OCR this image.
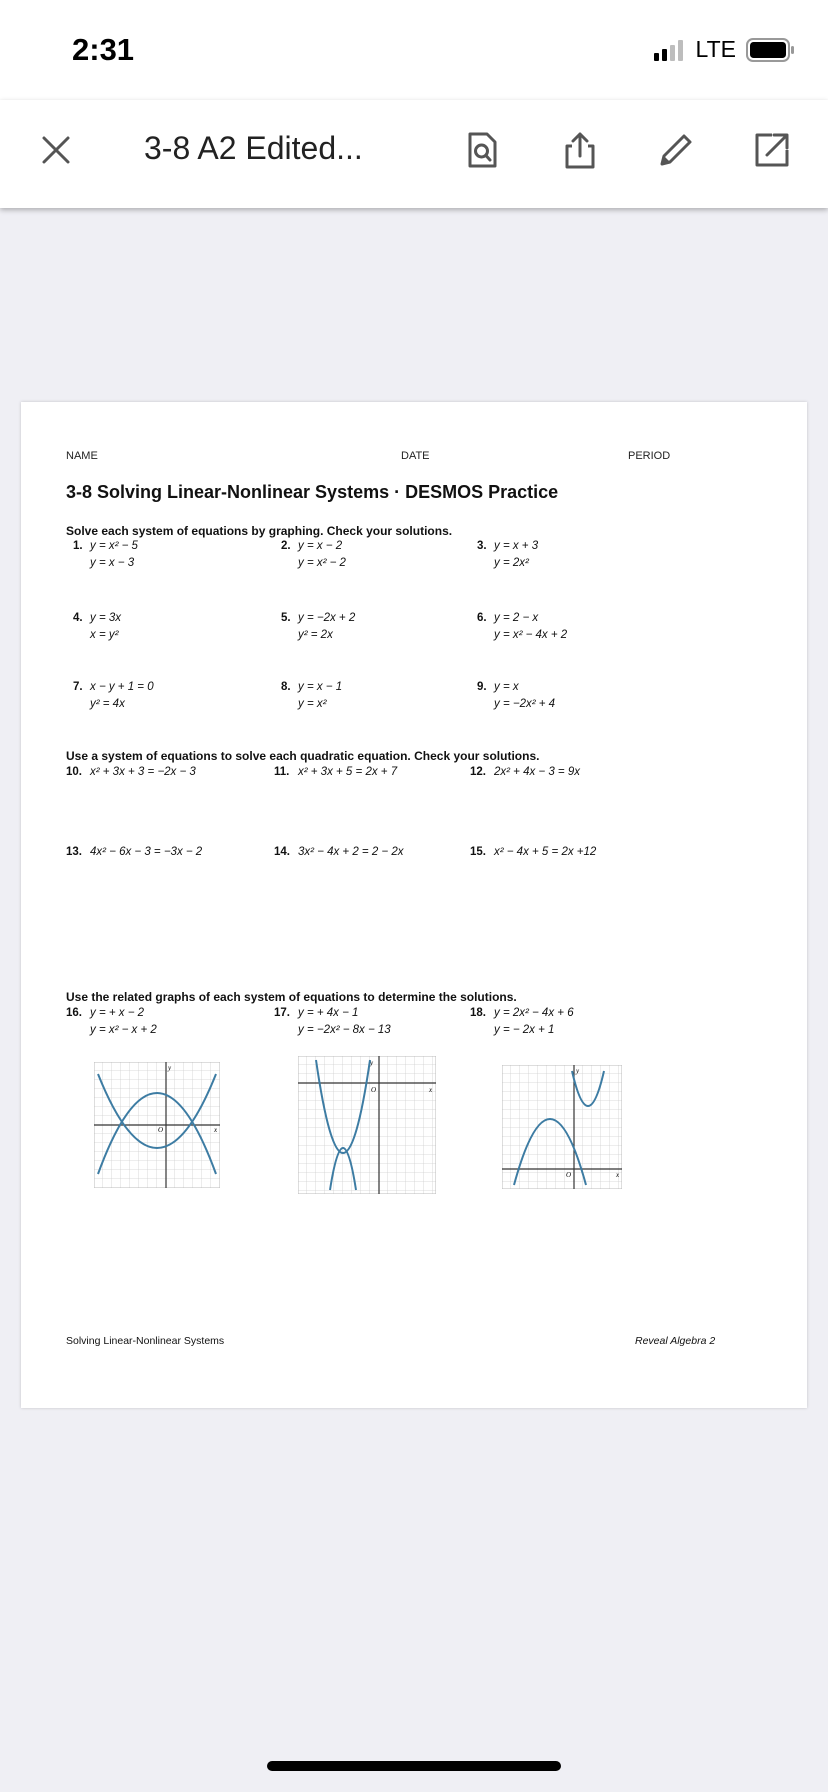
2:31	LTE
3-8 A2 Edited...
NAME	DATE	PERIOD
3-8 Solving Linear-Nonlinear Systems · DESMOS Practice
Solve each system of equations by graphing. Check your solutions.
1. y = x² − 5
y = x − 3
2. y = x − 2
y = x² − 2
3. y = x + 3
y = 2x²
4. y = 3x
x = y²
5. y = −2x + 2
y² = 2x
6. y = 2 − x
y = x² − 4x + 2
7. x − y + 1 = 0
y² = 4x
8. y = x − 1
y = x²
9. y = x
y = −2x² + 4
Use a system of equations to solve each quadratic equation. Check your solutions.
10. x² + 3x + 3 = −2x − 3	11. x² + 3x + 5 = 2x + 7	12. 2x² + 4x − 3 = 9x
13. 4x² − 6x − 3 = −3x − 2	14. 3x² − 4x + 2 = 2 − 2x	15. x² − 4x + 5 = 2x +12
Use the related graphs of each system of equations to determine the solutions.
16. y = + x − 2
y = x² − x + 2
17. y = + 4x − 1
y = −2x² − 8x − 13
18. y = 2x² − 4x + 6
y = − 2x + 1
y
x
O
y
x
O
y
x
O
Solving Linear-Nonlinear Systems	Reveal Algebra 2
